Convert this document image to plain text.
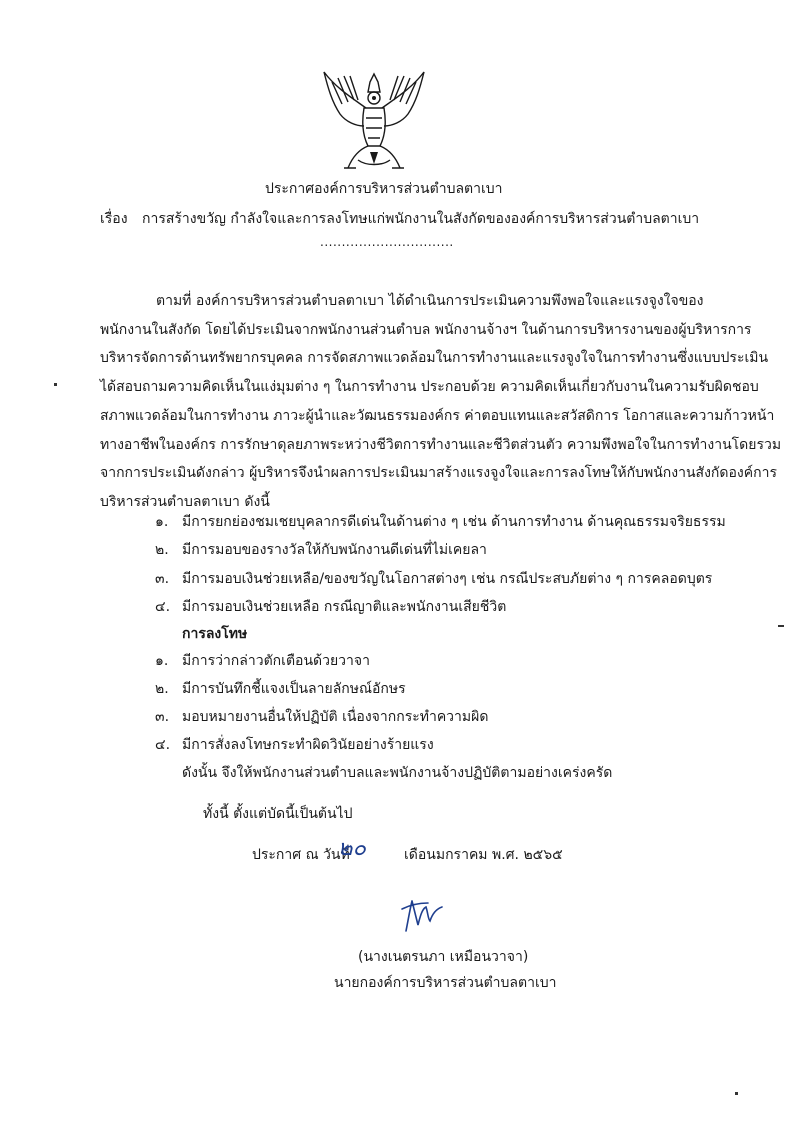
ประกาศองค์การบริหารส่วนตำบลตาเบา
เรื่อง การสร้างขวัญ กำลังใจและการลงโทษแก่พนักงานในสังกัดขององค์การบริหารส่วนตำบลตาเบา
...............................
ตามที่ องค์การบริหารส่วนตำบลตาเบา ได้ดำเนินการประเมินความพึงพอใจและแรงจูงใจของ
พนักงานในสังกัด โดยได้ประเมินจากพนักงานส่วนตำบล พนักงานจ้างฯ ในด้านการบริหารงานของผู้บริหารการ
บริหารจัดการด้านทรัพยากรบุคคล การจัดสภาพแวดล้อมในการทำงานและแรงจูงใจในการทำงานซึ่งแบบประเมิน
ได้สอบถามความคิดเห็นในแง่มุมต่าง ๆ ในการทำงาน ประกอบด้วย ความคิดเห็นเกี่ยวกับงานในความรับผิดชอบ
สภาพแวดล้อมในการทำงาน ภาวะผู้นำและวัฒนธรรมองค์กร ค่าตอบแทนและสวัสดิการ โอกาสและความก้าวหน้า
ทางอาชีพในองค์กร การรักษาดุลยภาพระหว่างชีวิตการทำงานและชีวิตส่วนตัว ความพึงพอใจในการทำงานโดยรวม
จากการประเมินดังกล่าว ผู้บริหารจึงนำผลการประเมินมาสร้างแรงจูงใจและการลงโทษให้กับพนักงานสังกัดองค์การ
บริหารส่วนตำบลตาเบา ดังนี้
๑. มีการยกย่องชมเชยบุคลากรดีเด่นในด้านต่าง ๆ เช่น ด้านการทำงาน ด้านคุณธรรมจริยธรรม
๒. มีการมอบของรางวัลให้กับพนักงานดีเด่นที่ไม่เคยลา
๓. มีการมอบเงินช่วยเหลือ/ของขวัญในโอกาสต่างๆ เช่น กรณีประสบภัยต่าง ๆ การคลอดบุตร
๔. มีการมอบเงินช่วยเหลือ กรณีญาติและพนักงานเสียชีวิต
การลงโทษ
๑. มีการว่ากล่าวตักเตือนด้วยวาจา
๒. มีการบันทึกชี้แจงเป็นลายลักษณ์อักษร
๓. มอบหมายงานอื่นให้ปฏิบัติ เนื่องจากกระทำความผิด
๔. มีการสั่งลงโทษกระทำผิดวินัยอย่างร้ายแรง
ดังนั้น จึงให้พนักงานส่วนตำบลและพนักงานจ้างปฏิบัติตามอย่างเคร่งครัด
ทั้งนี้ ตั้งแต่บัดนี้เป็นต้นไป
ประกาศ ณ วันที่
๒๐	เดือนมกราคม พ.ศ. ๒๕๖๕
(นางเนตรนภา เหมือนวาจา)
นายกองค์การบริหารส่วนตำบลตาเบา
